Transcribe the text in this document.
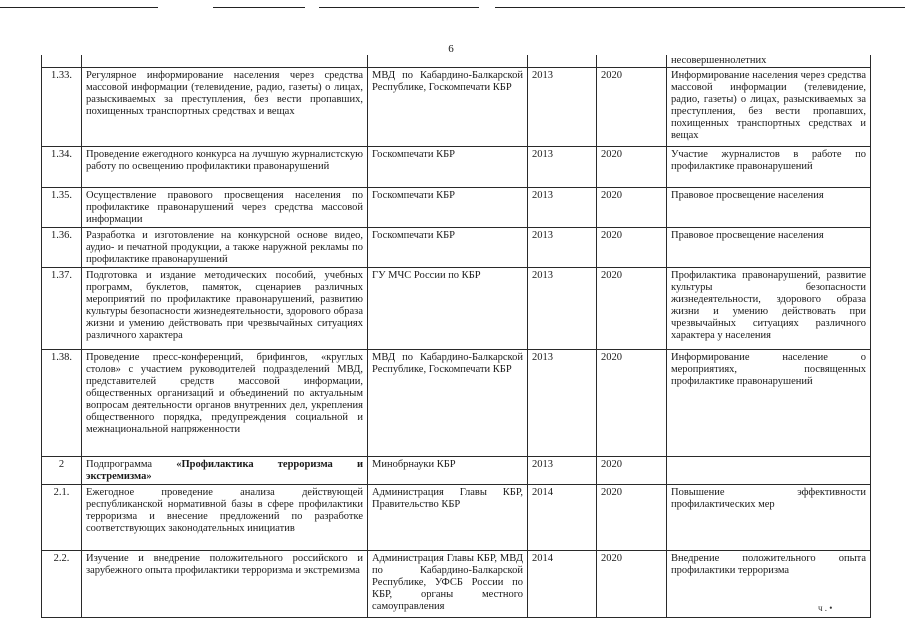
6
					несовершеннолетних
1.33.	Регулярное информирование населения через средства массовой информации (телевидение, радио, газеты) о лицах, разыскиваемых за преступления, без вести пропавших, похищенных транспортных средствах и вещах	МВД по Кабардино-Балкарской Республике, Госкомпечати КБР	2013	2020	Информирование населения через средства массовой информации (телевидение, радио, газеты) о лицах, разыскиваемых за преступления, без вести пропавших, похищенных транспортных средствах и вещах
1.34.	Проведение ежегодного конкурса на лучшую журналистскую работу по освещению профилактики правонарушений	Госкомпечати КБР	2013	2020	Участие журналистов в работе по профилактике правонарушений
1.35.	Осуществление правового просвещения населения по профилактике правонарушений через средства массовой информации	Госкомпечати КБР	2013	2020	Правовое просвещение населения
1.36.	Разработка и изготовление на конкурсной основе видео, аудио- и печатной продукции, а также наружной рекламы по профилактике правонарушений	Госкомпечати КБР	2013	2020	Правовое просвещение населения
1.37.	Подготовка и издание методических пособий, учебных программ, буклетов, памяток, сценариев различных мероприятий по профилактике правонарушений, развитию культуры безопасности жизнедеятельности, здорового образа жизни и умению действовать при чрезвычайных ситуациях различного характера	ГУ МЧС России по КБР	2013	2020	Профилактика правонарушений, развитие культуры безопасности жизнедеятельности, здорового образа жизни и умению действовать при чрезвычайных ситуациях различного характера у населения
1.38.	Проведение пресс-конференций, брифингов, «круглых столов» с участием руководителей подразделений МВД, представителей средств массовой информации, общественных организаций и объединений по актуальным вопросам деятельности органов внутренних дел, укрепления общественного порядка, предупреждения социальной и межнациональной напряженности	МВД по Кабардино-Балкарской Республике, Госкомпечати КБР	2013	2020	Информирование население о мероприятиях, посвященных профилактике правонарушений
2	Подпрограмма «Профилактика терроризма и экстремизма»	Минобрнауки КБР	2013	2020	
2.1.	Ежегодное проведение анализа действующей республиканской нормативной базы в сфере профилактики терроризма и внесение предложений по разработке соответствующих законодательных инициатив	Администрация Главы КБР, Правительство КБР	2014	2020	Повышение эффективности профилактических мер
2.2.	Изучение и внедрение положительного российского и зарубежного опыта профилактики терроризма и экстремизма	Администрация Главы КБР, МВД по Кабардино-Балкарской Республике, УФСБ России по КБР, органы местного самоуправления	2014	2020	Внедрение положительного опыта профилактики терроризма
ч . •
